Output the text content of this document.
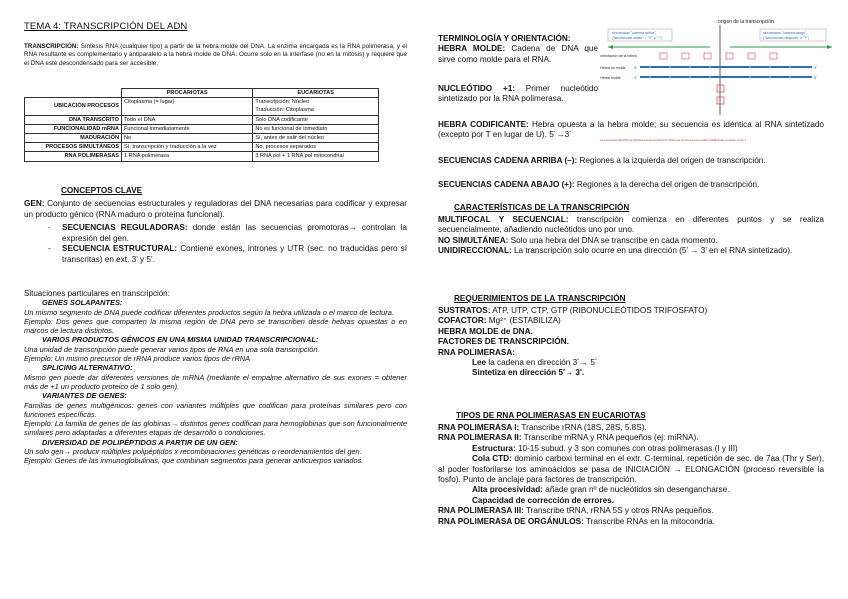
TEMA 4: TRANSCRIPCIÓN DEL ADN
TRANSCRIPCIÓN: Síntesis RNA (cualquier tipo) a partir de la hebra molde del DNA. La enzima encargada es la RNA polimerasa, y el RNA resultante es complementario y antiparalelo a la hebra molde de DNA. Ocurre solo en la interfase (no en la mitosis) y requiere que el DNA esté descondensado para ser accesible.
	PROCARIOTAS	EUCARIOTAS
UBICACIÓN PROCESOS	Citoplasma (= lugar)	Transcripción: Núcleo
		Traducción: Citoplasma
DNA TRANSCRITO	Todo el DNA	Solo DNA codificante
FUNCIONALIDAD mRNA	Funcional inmediatamente	No es funcional de inmediato
MADURACIÓN	No	Sí, antes de salir del núcleo
PROCESOS SIMULTÁNEOS	Sí, transcripción y traducción a la vez	No, procesos separados
RNA POLIMERASAS	1 RNA polimerasa	3 RNA pol + 1 RNA pol mitocondrial
CONCEPTOS CLAVE
GEN: Conjunto de secuencias estructurales y reguladoras del DNA necesarias para codificar y expresar un producto génico (RNA maduro o proteína funcional).
- SECUENCIAS REGULADORAS: donde están las secuencias promotoras→ controlan la expresión del gen.
- SECUENCIA ESTRUCTURAL: Contiene exones, intrones y UTR (sec. no traducidas pero sí transcritas) en ext. 3’ y 5’.
Situaciones particulares en transcripción:
GENES SOLAPANTES:
Un mismo segmento de DNA puede codificar diferentes productos según la hebra utilizada o el marco de lectura.
Ejemplo: Dos genes que comparten la misma región de DNA pero se transcriben desde hebras opuestas o en marcos de lectura distintos.
VARIOS PRODUCTOS GÉNICOS EN UNA MISMA UNIDAD TRANSCRIPCIONAL:
Una unidad de transcripción puede generar varios tipos de RNA en una sola transcripción.
Ejemplo: Un mismo precursor de rRNA produce varios tipos de rRNA
SPLICING ALTERNATIVO:
Mismo gen puede dar diferentes versiones de mRNA (mediante el empalme alternativo de sus exones = obtener más de +1 un producto proteico de 1 solo gen).
VARIANTES DE GENES:
Familias de genes multigénicos: genes con variantes múltiples que codifican para proteínas similares pero con funciones específicas.
Ejemplo: La familia de genes de las globinas→ distintos genes codifican para hemoglobinas que son funcionalmente similares pero adaptadas a diferentes etapas de desarrollo o condiciones.
DIVERSIDAD DE POLIPÉPTIDOS A PARTIR DE UN GEN:
Un solo gen→ producir múltiples polipéptidos x recombinaciones genéticas o reordenamientos del gen.
Ejemplo: Genes de las inmunoglobulinas, que combinan segmentos para generar anticuerpos variados.
TERMINOLOGÍA Y ORIENTACIÓN:
HEBRA MOLDE: Cadena de DNA que sirve como molde para el RNA.
NUCLEÓTIDO +1: Primer nucleótido sintetizado por la RNA polimerasa.
HEBRA CODIFICANTE: Hebra opuesta a la hebra molde; su secuencia es idéntica al RNA sintetizado (excepto por T en lugar de U). 5´→3´
SECUENCIAS CADENA ARRIBA (–): Regiones a la izquierda del origen de transcripción.
SECUENCIAS CADENA ABAJO (+): Regiones a la derecha del origen de transcripción.
CARACTERÍSTICAS DE LA TRANSCRIPCIÓN
MULTIFOCAL Y SECUENCIAL: transcripción comienza en diferentes puntos y se realiza secuencialmente, añadiendo nucleótidos uno por uno.
NO SIMULTÁNEA: Solo una hebra del DNA se transcribe en cada momento.
UNIDIRECCIONAL: La transcripción solo ocurre en una dirección (5’ → 3’ en el RNA sintetizado).
REQUERIMIENTOS DE LA TRANSCRIPCIÓN
SUSTRATOS: ATP, UTP, CTP, GTP (RIBONUCLEÓTIDOS TRIFOSFATO)
COFACTOR: Mg²⁺ (ESTABILIZA)
HEBRA MOLDE de DNA.
FACTORES DE TRANSCRIPCIÓN.
RNA POLIMERASA:
Lee la cadena en dirección 3´→ 5´
Sintetiza en dirección 5'→ 3'.
TIPOS DE RNA POLIMERASAS EN EUCARIOTAS
RNA POLIMERASA I: Transcribe rRNA (18S, 28S, 5.8S).
RNA POLIMERASA II: Transcribe mRNA y RNA pequeños (ej: miRNA).
Estructura: 10-15 subud. y 3 son comunes con otras polimerasas (I y III)
Cola CTD: dominio carboxi terminal en el extr. C-terminal. repetición de sec. de 7aa (Thr y Ser), al poder fosforilarse los aminoácidos se pasa de INICIACIÓN → ELONGACIÓN (proceso reversible la fosfo). Punto de anclaje para factores de transcripción.
Alta procesividad: añade gran nº de nucleótidos sin desengancharse.
Capacidad de corrección de errores.
RNA POLIMERASA III: Transcribe tRNA, rRNA 5S y otros RNAs pequeños.
RNA POLIMERASA DE ORGÁNULOS: Transcribe RNAs en la mitocondria.
origen de la transcripción
secuencias "cadena arriba"
("secuencias antes" = "5ʹ" y "-")
secuencias "cadena abajo"
("secuencias después" o "+")
orientación de la hebra
Hebra no molde 5ʹ	3ʹ
Hebra molde	3ʹ	5ʹ
La secuencia del RNA es idéntica a la de la hebra de DNA que no sirve como molde (codificante), excepto U por T
